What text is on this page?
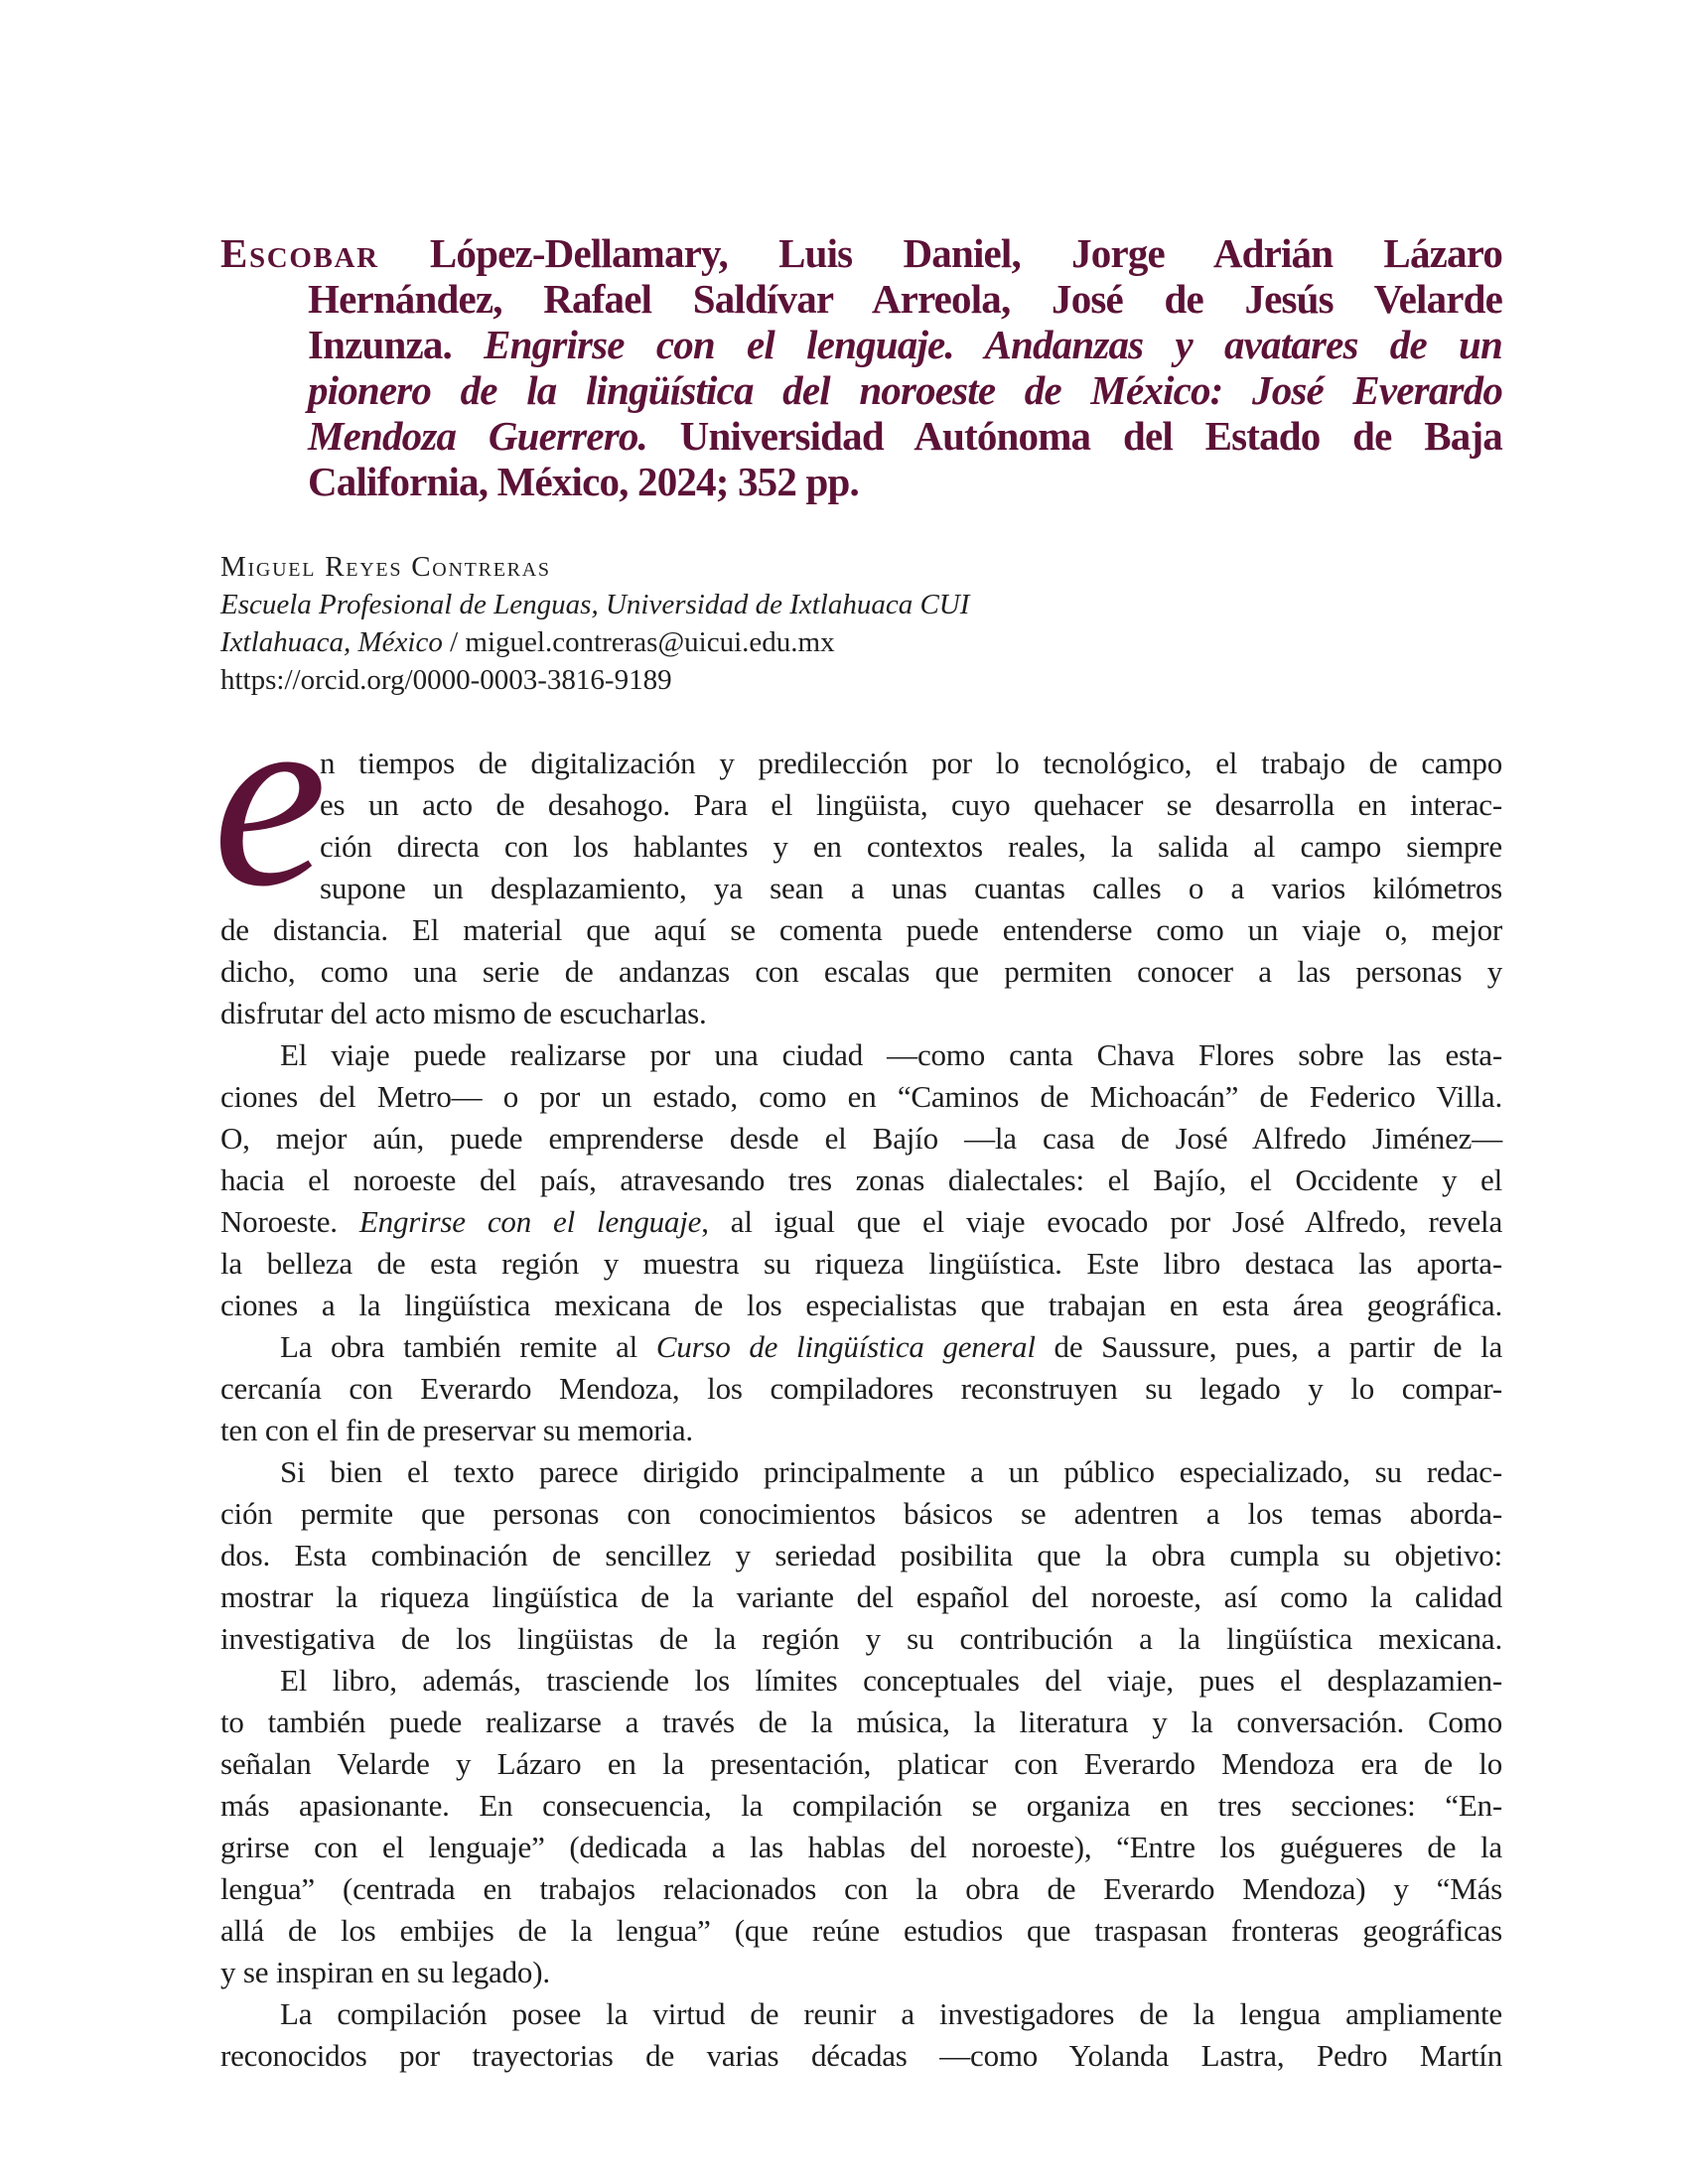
Escobar López-Dellamary, Luis Daniel, Jorge Adrián Lázaro
Hernández, Rafael Saldívar Arreola, José de Jesús Velarde
Inzunza. Engrirse con el lenguaje. Andanzas y avatares de un
pionero de la lingüística del noroeste de México: José Everardo
Mendoza Guerrero. Universidad Autónoma del Estado de Baja
California, México, 2024; 352 pp.
Miguel Reyes Contreras
Escuela Profesional de Lenguas, Universidad de Ixtlahuaca CUI
Ixtlahuaca, México / miguel.contreras@uicui.edu.mx
https://orcid.org/0000-0003-3816-9189
e
n tiempos de digitalización y predilección por lo tecnológico, el trabajo de campo
es un acto de desahogo. Para el lingüista, cuyo quehacer se desarrolla en interac-
ción directa con los hablantes y en contextos reales, la salida al campo siempre
supone un desplazamiento, ya sean a unas cuantas calles o a varios kilómetros
de distancia. El material que aquí se comenta puede entenderse como un viaje o, mejor
dicho, como una serie de andanzas con escalas que permiten conocer a las personas y
disfrutar del acto mismo de escucharlas.
El viaje puede realizarse por una ciudad —como canta Chava Flores sobre las esta-
ciones del Metro— o por un estado, como en “Caminos de Michoacán” de Federico Villa.
O, mejor aún, puede emprenderse desde el Bajío —la casa de José Alfredo Jiménez—
hacia el noroeste del país, atravesando tres zonas dialectales: el Bajío, el Occidente y el
Noroeste. Engrirse con el lenguaje, al igual que el viaje evocado por José Alfredo, revela
la belleza de esta región y muestra su riqueza lingüística. Este libro destaca las aporta-
ciones a la lingüística mexicana de los especialistas que trabajan en esta área geográfica.
La obra también remite al Curso de lingüística general de Saussure, pues, a partir de la
cercanía con Everardo Mendoza, los compiladores reconstruyen su legado y lo compar-
ten con el fin de preservar su memoria.
Si bien el texto parece dirigido principalmente a un público especializado, su redac-
ción permite que personas con conocimientos básicos se adentren a los temas aborda-
dos. Esta combinación de sencillez y seriedad posibilita que la obra cumpla su objetivo:
mostrar la riqueza lingüística de la variante del español del noroeste, así como la calidad
investigativa de los lingüistas de la región y su contribución a la lingüística mexicana.
El libro, además, trasciende los límites conceptuales del viaje, pues el desplazamien-
to también puede realizarse a través de la música, la literatura y la conversación. Como
señalan Velarde y Lázaro en la presentación, platicar con Everardo Mendoza era de lo
más apasionante. En consecuencia, la compilación se organiza en tres secciones: “En-
grirse con el lenguaje” (dedicada a las hablas del noroeste), “Entre los guégueres de la
lengua” (centrada en trabajos relacionados con la obra de Everardo Mendoza) y “Más
allá de los embijes de la lengua” (que reúne estudios que traspasan fronteras geográficas
y se inspiran en su legado).
La compilación posee la virtud de reunir a investigadores de la lengua ampliamente
reconocidos por trayectorias de varias décadas —como Yolanda Lastra, Pedro Martín
